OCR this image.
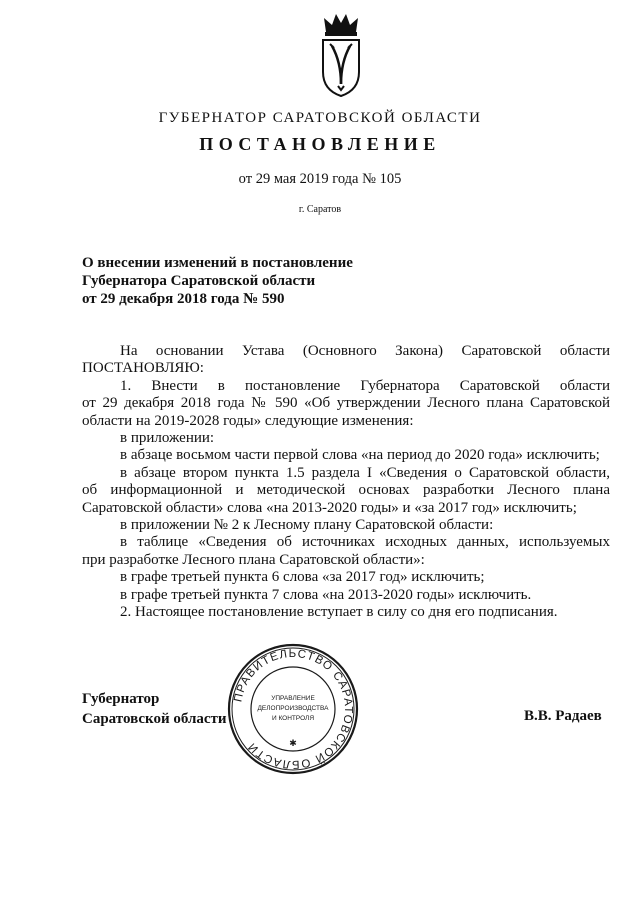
ГУБЕРНАТОР САРАТОВСКОЙ ОБЛАСТИ
ПОСТАНОВЛЕНИЕ
от 29 мая 2019 года № 105
г. Саратов
О внесении изменений в постановление
Губернатора Саратовской области
от 29 декабря 2018 года № 590
На основании Устава (Основного Закона) Саратовской области
ПОСТАНОВЛЯЮ:
1. Внести в постановление Губернатора Саратовской области
от 29 декабря 2018 года № 590 «Об утверждении Лесного плана Саратовской
области на 2019-2028 годы» следующие изменения:
в приложении:
в абзаце восьмом части первой слова «на период до 2020 года» исключить;
в абзаце втором пункта 1.5 раздела I «Сведения о Саратовской области,
об информационной и методической основах разработки Лесного плана
Саратовской области» слова «на 2013-2020 годы» и «за 2017 год» исключить;
в приложении № 2 к Лесному плану Саратовской области:
в таблице «Сведения об источниках исходных данных, используемых
при разработке Лесного плана Саратовской области»:
в графе третьей пункта 6 слова «за 2017 год» исключить;
в графе третьей пункта 7 слова «на 2013-2020 годы» исключить.
2. Настоящее постановление вступает в силу со дня его подписания.
Губернатор
Саратовской области	В.В. Радаев
ПРАВИТЕЛЬСТВО САРАТОВСКОЙ ОБЛАСТИ
УПРАВЛЕНИЕ
ДЕЛОПРОИЗВОДСТВА
И КОНТРОЛЯ
✱
